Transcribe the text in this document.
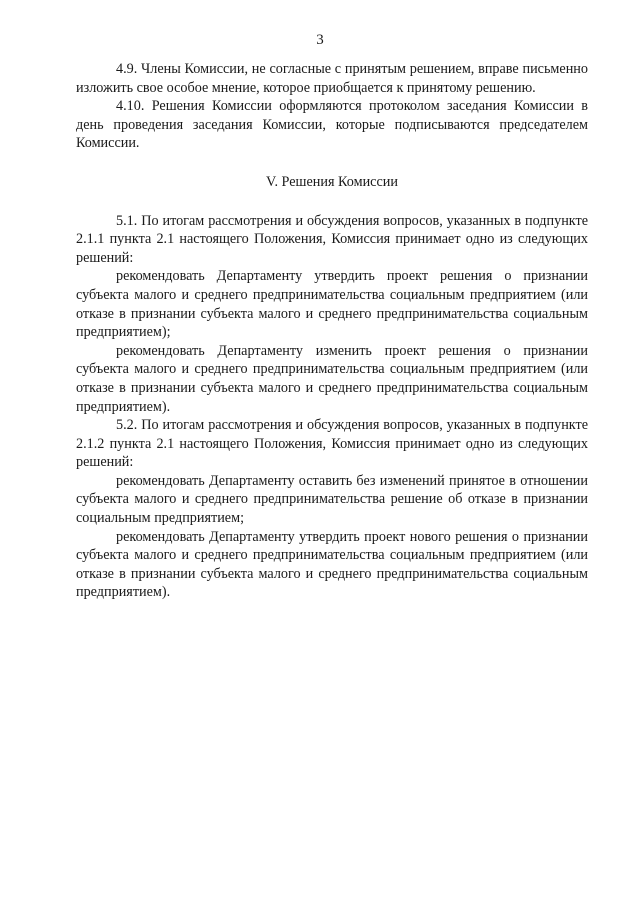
3

4.9. Члены Комиссии, не согласные с принятым решением, вправе письменно изложить свое особое мнение, которое приобщается к принятому решению.

4.10. Решения Комиссии оформляются протоколом заседания Комиссии в день проведения заседания Комиссии, которые подписываются председателем Комиссии.

V. Решения Комиссии

5.1. По итогам рассмотрения и обсуждения вопросов, указанных в подпункте 2.1.1 пункта 2.1 настоящего Положения, Комиссия принимает одно из следующих решений:

рекомендовать Департаменту утвердить проект решения о признании субъекта малого и среднего предпринимательства социальным предприятием (или отказе в признании субъекта малого и среднего предпринимательства социальным предприятием);

рекомендовать Департаменту изменить проект решения о признании субъекта малого и среднего предпринимательства социальным предприятием (или отказе в признании субъекта малого и среднего предпринимательства социальным предприятием).

5.2. По итогам рассмотрения и обсуждения вопросов, указанных в подпункте 2.1.2 пункта 2.1 настоящего Положения, Комиссия принимает одно из следующих решений:

рекомендовать Департаменту оставить без изменений принятое в отношении субъекта малого и среднего предпринимательства решение об отказе в признании социальным предприятием;

рекомендовать Департаменту утвердить проект нового решения о признании субъекта малого и среднего предпринимательства социальным предприятием (или отказе в признании субъекта малого и среднего предпринимательства социальным предприятием).
